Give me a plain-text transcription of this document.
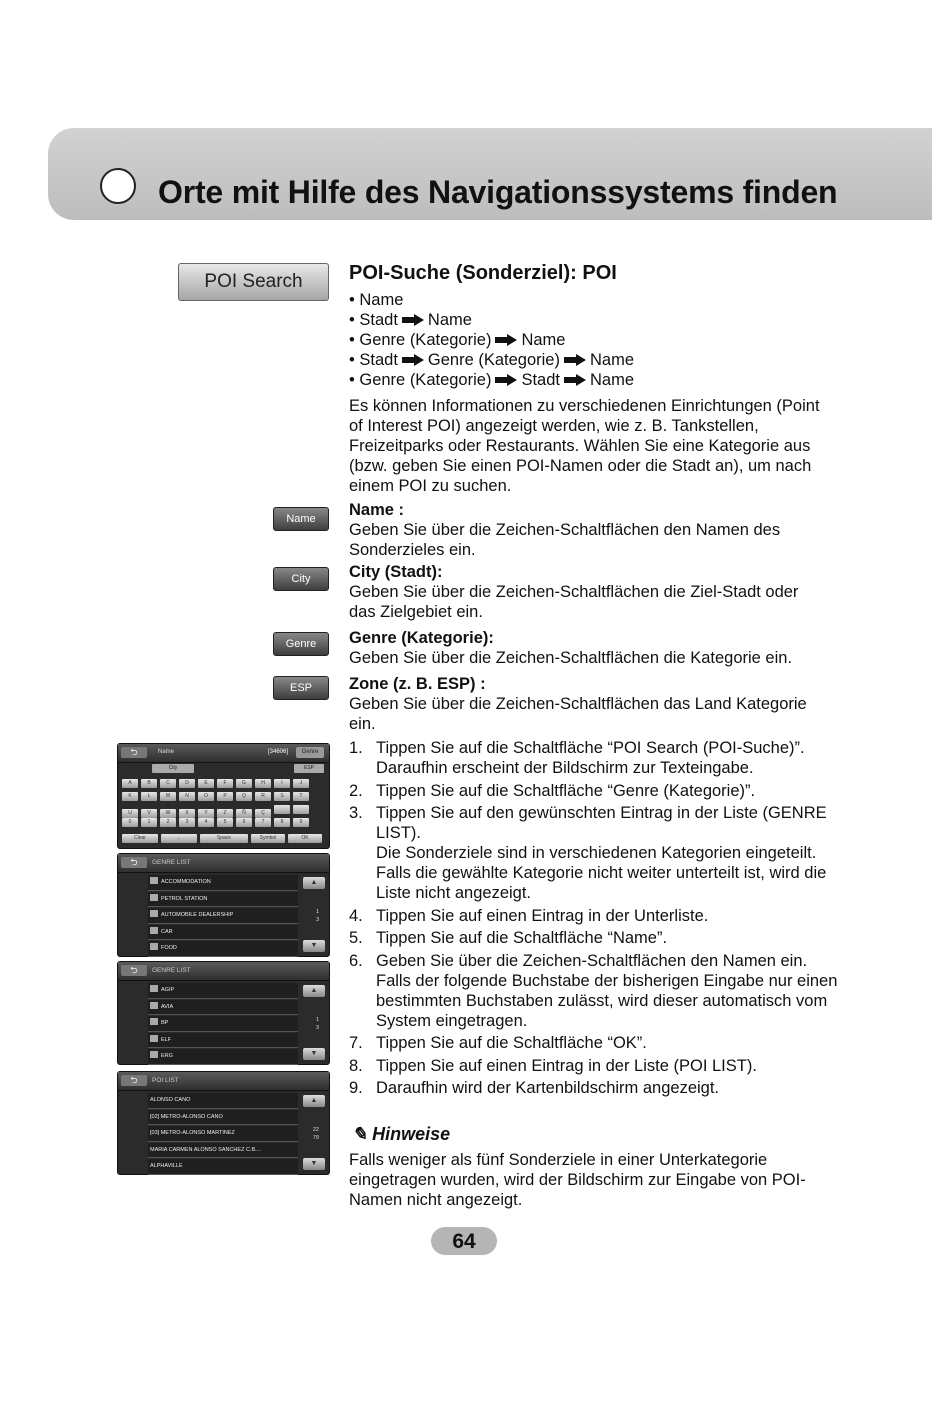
Orte mit Hilfe des Navigationssystems finden
POI Search
Name
City
Genre
ESP
POI-Suche (Sonderziel): POI
• Name
• Stadt Name
• Genre (Kategorie) Name
• Stadt Genre (Kategorie) Name
• Genre (Kategorie) Stadt Name

Es können Informationen zu verschiedenen Einrichtungen (Point of Interest POI) angezeigt werden, wie z. B. Tankstellen, Freizeitparks oder Restaurants. Wählen Sie eine Kategorie aus (bzw. geben Sie einen POI-Namen oder die Stadt an), um nach einem POI zu suchen.

Name :
Geben Sie über die Zeichen-Schaltflächen den Namen des Sonderzieles ein.
City (Stadt):
Geben Sie über die Zeichen-Schaltflächen die Ziel-Stadt oder das Zielgebiet ein.
Genre (Kategorie):
Geben Sie über die Zeichen-Schaltflächen die Kategorie ein.
Zone (z. B. ESP) :
Geben Sie über die Zeichen-Schaltflächen das Land Kategorie ein.
1. Tippen Sie auf die Schaltfläche “POI Search (POI-Suche)”.
Daraufhin erscheint der Bildschirm zur Texteingabe.
2. Tippen Sie auf die Schaltfläche “Genre (Kategorie)”.
3. Tippen Sie auf den gewünschten Eintrag in der Liste (GENRE LIST).
Die Sonderziele sind in verschiedenen Kategorien eingeteilt.
Falls die gewählte Kategorie nicht weiter unterteilt ist, wird die Liste nicht angezeigt.
4. Tippen Sie auf einen Eintrag in der Unterliste.
5. Tippen Sie auf die Schaltfläche “Name”.
6. Geben Sie über die Zeichen-Schaltflächen den Namen ein.
Falls der folgende Buchstabe der bisherigen Eingabe nur einen bestimmten Buchstaben zulässt, wird dieser automatisch vom System eingetragen.
7. Tippen Sie auf die Schaltfläche “OK”.
8. Tippen Sie auf einen Eintrag in der Liste (POI LIST).
9. Daraufhin wird der Kartenbildschirm angezeigt.
✎ Hinweise

Falls weniger als fünf Sonderziele in einer Unterkategorie eingetragen wurden, wird der Bildschirm zur Eingabe von POI-Namen nicht angezeigt.

64
⮌	Name	[34606]	Genre
City	ESP
A	B	C	D	E	F	G	H	I	J
K	L	M	N	O	P	Q	R	S	T
U	V	W	X	Y	Z	Ñ	Ç
0	1	2	3	4	5	6	7	8	9
Clear	←	Space	Symbol	OK
⮌	GENRE LIST
ACCOMMODATION
PETROL STATION
AUTOMOBILE DEALERSHIP
CAR
FOOD
▲
1
3
▼
⮌	GENRE LIST
AGIP
AVIA
BP
ELF
ERG
▲
1
3
▼
⮌	POI LIST
ALONSO CANO
[02] METRO-ALONSO CANO
[03] METRO-ALONSO MARTINEZ
MARIA CARMEN ALONSO SANCHEZ C.B....
ALPHAVILLE
▲
22
79
▼
